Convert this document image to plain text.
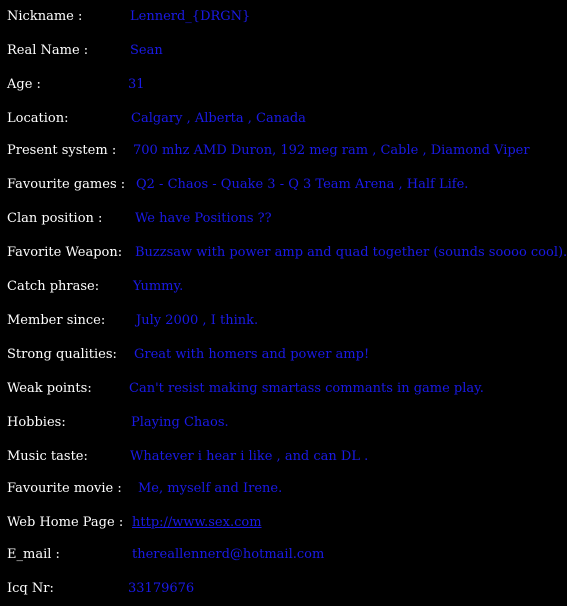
Nickname :	Lennerd_{DRGN}
Real Name :	Sean
Age :	31
Location:	Calgary , Alberta , Canada
Present system : 700 mhz AMD Duron, 192 meg ram , Cable , Diamond Viper
Favourite games : Q2 - Chaos - Quake 3 - Q 3 Team Arena , Half Life.
Clan position :	We have Positions ??
Favorite Weapon: Buzzsaw with power amp and quad together (sounds soooo cool).
Catch phrase:	Yummy.
Member since: July 2000 , I think.
Strong qualities: Great with homers and power amp!
Weak points:	Can't resist making smartass commants in game play.
Hobbies:	Playing Chaos.
Music taste:	Whatever i hear i like , and can DL .
Favourite movie : Me, myself and Irene.
Web Home Page : http://www.sex.com
E_mail :	thereallennerd@hotmail.com
Icq Nr:	33179676
